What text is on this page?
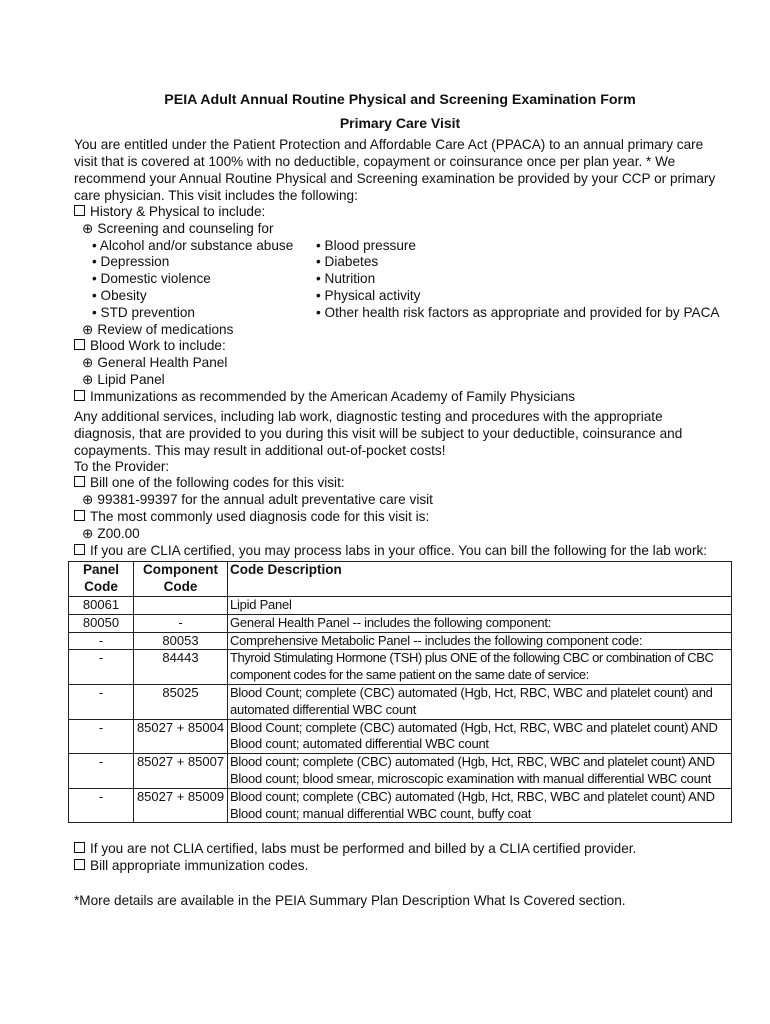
PEIA Adult Annual Routine Physical and Screening Examination Form
Primary Care Visit
You are entitled under the Patient Protection and Affordable Care Act (PPACA) to an annual primary care visit that is covered at 100% with no deductible, copayment or coinsurance once per plan year. * We recommend your Annual Routine Physical and Screening examination be provided by your CCP or primary care physician. This visit includes the following:
History & Physical to include:
⊕ Screening and counseling for
• Alcohol and/or substance abuse	• Blood pressure
• Depression	• Diabetes
• Domestic violence	• Nutrition
• Obesity	• Physical activity
• STD prevention	• Other health risk factors as appropriate and provided for by PACA
⊕ Review of medications
Blood Work to include:
⊕ General Health Panel
⊕ Lipid Panel
Immunizations as recommended by the American Academy of Family Physicians
Any additional services, including lab work, diagnostic testing and procedures with the appropriate diagnosis, that are provided to you during this visit will be subject to your deductible, coinsurance and copayments. This may result in additional out-of-pocket costs!
To the Provider:
Bill one of the following codes for this visit:
⊕ 99381-99397 for the annual adult preventative care visit
The most commonly used diagnosis code for this visit is:
⊕ Z00.00
If you are CLIA certified, you may process labs in your office. You can bill the following for the lab work:
Panel Code	Component Code	Code Description
80061		Lipid Panel
80050	-	General Health Panel -- includes the following component:
-	80053	Comprehensive Metabolic Panel -- includes the following component code:
-	84443	Thyroid Stimulating Hormone (TSH) plus ONE of the following CBC or combination of CBC component codes for the same patient on the same date of service:
-	85025	Blood Count; complete (CBC) automated (Hgb, Hct, RBC, WBC and platelet count) and automated differential WBC count
-	85027 + 85004	Blood Count; complete (CBC) automated (Hgb, Hct, RBC, WBC and platelet count) AND Blood count; automated differential WBC count
-	85027 + 85007	Blood count; complete (CBC) automated (Hgb, Hct, RBC, WBC and platelet count) AND Blood count; blood smear, microscopic examination with manual differential WBC count
-	85027 + 85009	Blood count; complete (CBC) automated (Hgb, Hct, RBC, WBC and platelet count) AND Blood count; manual differential WBC count, buffy coat
If you are not CLIA certified, labs must be performed and billed by a CLIA certified provider.
Bill appropriate immunization codes.
*More details are available in the PEIA Summary Plan Description What Is Covered section.
